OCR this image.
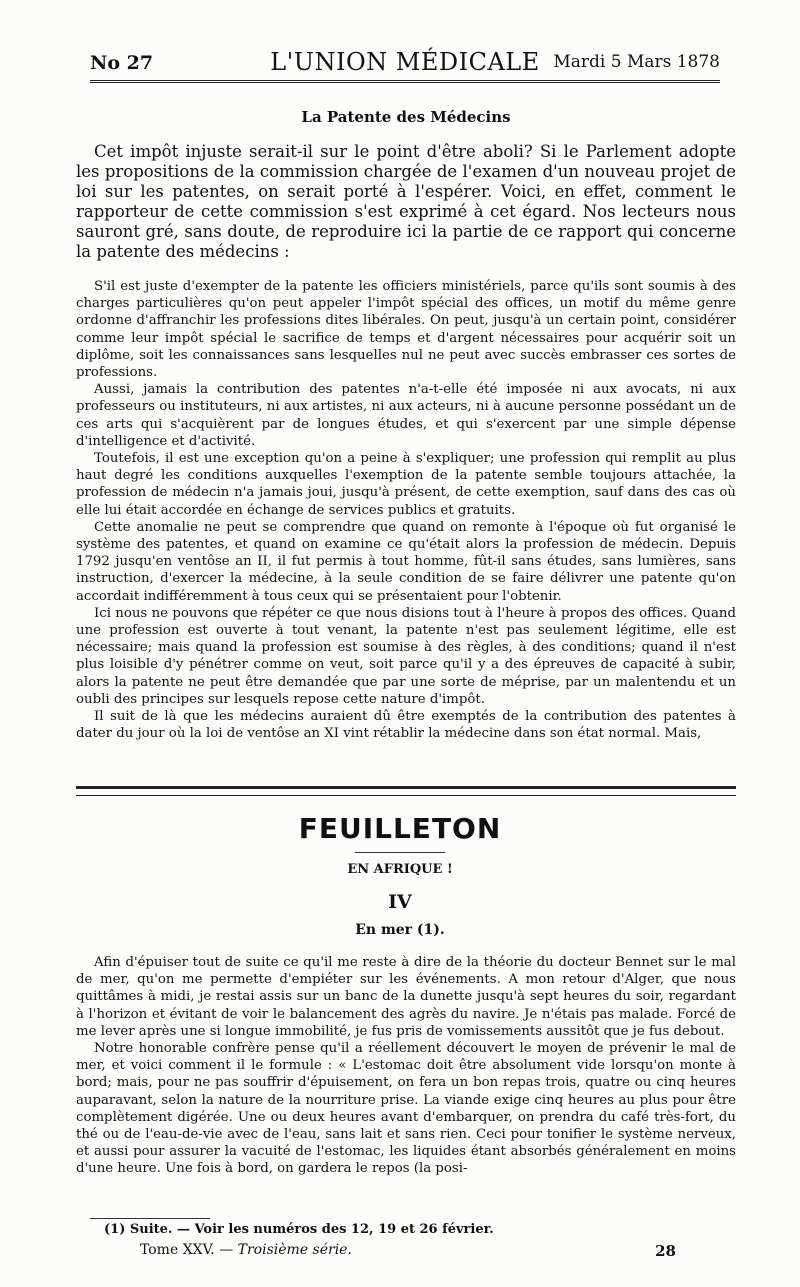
No 27	L'UNION MÉDICALE Mardi 5 Mars 1878
La Patente des Médecins

Cet impôt injuste serait-il sur le point d'être aboli? Si le Parlement adopte les propositions de la commission chargée de l'examen d'un nouveau projet de loi sur les patentes, on serait porté à l'espérer. Voici, en effet, comment le rapporteur de cette commission s'est exprimé à cet égard. Nos lecteurs nous sauront gré, sans doute, de reproduire ici la partie de ce rapport qui concerne la patente des médecins :

S'il est juste d'exempter de la patente les officiers ministériels, parce qu'ils sont soumis à des charges particulières qu'on peut appeler l'impôt spécial des offices, un motif du même genre ordonne d'affranchir les professions dites libérales. On peut, jusqu'à un certain point, considérer comme leur impôt spécial le sacrifice de temps et d'argent nécessaires pour acquérir soit un diplôme, soit les connaissances sans lesquelles nul ne peut avec succès embrasser ces sortes de professions.

Aussi, jamais la contribution des patentes n'a-t-elle été imposée ni aux avocats, ni aux professeurs ou instituteurs, ni aux artistes, ni aux acteurs, ni à aucune personne possédant un de ces arts qui s'acquièrent par de longues études, et qui s'exercent par une simple dépense d'intelligence et d'activité.

Toutefois, il est une exception qu'on a peine à s'expliquer; une profession qui remplit au plus haut degré les conditions auxquelles l'exemption de la patente semble toujours attachée, la profession de médecin n'a jamais joui, jusqu'à présent, de cette exemption, sauf dans des cas où elle lui était accordée en échange de services publics et gratuits.

Cette anomalie ne peut se comprendre que quand on remonte à l'époque où fut organisé le système des patentes, et quand on examine ce qu'était alors la profession de médecin. Depuis 1792 jusqu'en ventôse an II, il fut permis à tout homme, fût-il sans études, sans lumières, sans instruction, d'exercer la médecine, à la seule condition de se faire délivrer une patente qu'on accordait indifféremment à tous ceux qui se présentaient pour l'obtenir.

Ici nous ne pouvons que répéter ce que nous disions tout à l'heure à propos des offices. Quand une profession est ouverte à tout venant, la patente n'est pas seulement légitime, elle est nécessaire; mais quand la profession est soumise à des règles, à des conditions; quand il n'est plus loisible d'y pénétrer comme on veut, soit parce qu'il y a des épreuves de capacité à subir, alors la patente ne peut être demandée que par une sorte de méprise, par un malentendu et un oubli des principes sur lesquels repose cette nature d'impôt.

Il suit de là que les médecins auraient dû être exemptés de la contribution des patentes à dater du jour où la loi de ventôse an XI vint rétablir la médecine dans son état normal. Mais,

FEUILLETON
EN AFRIQUE !
IV
En mer (1).

Afin d'épuiser tout de suite ce qu'il me reste à dire de la théorie du docteur Bennet sur le mal de mer, qu'on me permette d'empiéter sur les événements. A mon retour d'Alger, que nous quittâmes à midi, je restai assis sur un banc de la dunette jusqu'à sept heures du soir, regardant à l'horizon et évitant de voir le balancement des agrès du navire. Je n'étais pas malade. Forcé de me lever après une si longue immobilité, je fus pris de vomissements aussitôt que je fus debout.

Notre honorable confrère pense qu'il a réellement découvert le moyen de prévenir le mal de mer, et voici comment il le formule : « L'estomac doit être absolument vide lorsqu'on monte à bord; mais, pour ne pas souffrir d'épuisement, on fera un bon repas trois, quatre ou cinq heures auparavant, selon la nature de la nourriture prise. La viande exige cinq heures au plus pour être complètement digérée. Une ou deux heures avant d'embarquer, on prendra du café très-fort, du thé ou de l'eau-de-vie avec de l'eau, sans lait et sans rien. Ceci pour tonifier le système nerveux, et aussi pour assurer la vacuité de l'estomac, les liquides étant absorbés généralement en moins d'une heure. Une fois à bord, on gardera le repos (la posi-

(1) Suite. — Voir les numéros des 12, 19 et 26 février.
Tome XXV. — Troisième série.	28
